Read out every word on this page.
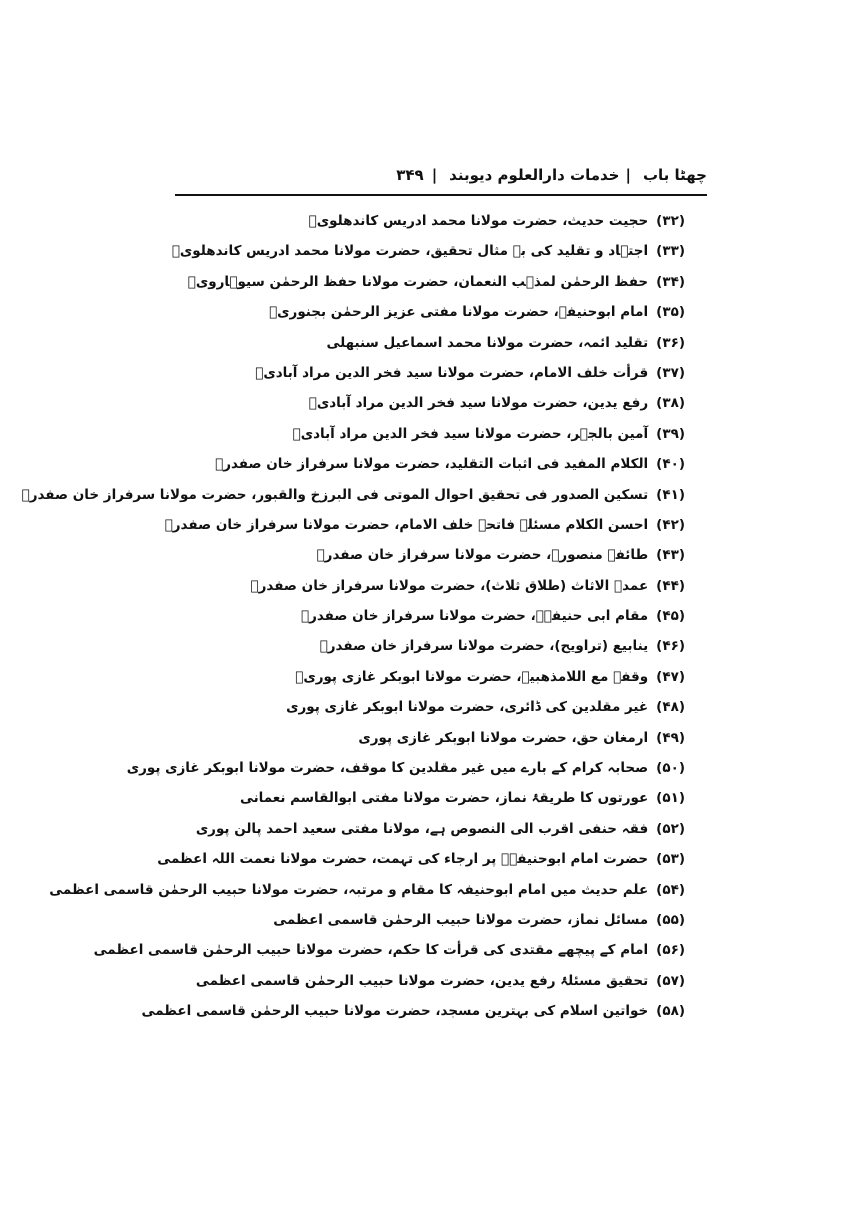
چھٹا باب
|
خدمات دارالعلوم دیوبند
|
۳۴۹
(۳۲)حجیت حدیث، حضرت مولانا محمد ادریس کاندھلویؒ
(۳۳)اجتہاد و تقلید کی بے مثال تحقیق، حضرت مولانا محمد ادریس کاندھلویؒ
(۳۴)حفظ الرحمٰن لمذہب النعمان، حضرت مولانا حفظ الرحمٰن سیوہارویؒ
(۳۵)امام ابوحنیفہ، حضرت مولانا مفتی عزیز الرحمٰن بجنوریؒ
(۳۶)تقلید ائمہ، حضرت مولانا محمد اسماعیل سنبھلی
(۳۷)قرأت خلف الامام، حضرت مولانا سید فخر الدین مراد آبادیؒ
(۳۸)رفع یدین، حضرت مولانا سید فخر الدین مراد آبادیؒ
(۳۹)آمین بالجہر، حضرت مولانا سید فخر الدین مراد آبادیؒ
(۴۰)الکلام المفید فی اثبات التقلید، حضرت مولانا سرفراز خان صفدرؒ
(۴۱)تسکین الصدور فی تحقیق احوال الموتی فی البرزخ والقبور، حضرت مولانا سرفراز خان صفدرؒ
(۴۲)احسن الکلام مسئلہ فاتحہ خلف الامام، حضرت مولانا سرفراز خان صفدرؒ
(۴۳)طائفہ منصورہ، حضرت مولانا سرفراز خان صفدرؒ
(۴۴)عمدۃ الاثاث (طلاق ثلاث)، حضرت مولانا سرفراز خان صفدرؒ
(۴۵)مقام ابی حنیفہؒ، حضرت مولانا سرفراز خان صفدرؒ
(۴۶)ینابیع (تراویح)، حضرت مولانا سرفراز خان صفدرؒ
(۴۷)وقفۃ مع اللامذھبیۃ، حضرت مولانا ابوبکر غازی پوریؒ
(۴۸)غیر مقلدین کی ڈائری، حضرت مولانا ابوبکر غازی پوری
(۴۹)ارمغان حق، حضرت مولانا ابوبکر غازی پوری
(۵۰)صحابہ کرام کے بارے میں غیر مقلدین کا موقف، حضرت مولانا ابوبکر غازی پوری
(۵۱)عورتوں کا طریقۂ نماز، حضرت مولانا مفتی ابوالقاسم نعمانی
(۵۲)فقہ حنفی اقرب الی النصوص ہے، مولانا مفتی سعید احمد پالن پوری
(۵۳)حضرت امام ابوحنیفہؒ پر ارجاء کی تہمت، حضرت مولانا نعمت اللہ اعظمی
(۵۴)علم حدیث میں امام ابوحنیفہ کا مقام و مرتبہ، حضرت مولانا حبیب الرحمٰن قاسمی اعظمی
(۵۵)مسائل نماز، حضرت مولانا حبیب الرحمٰن قاسمی اعظمی
(۵۶)امام کے پیچھے مقتدی کی قرأت کا حکم، حضرت مولانا حبیب الرحمٰن قاسمی اعظمی
(۵۷)تحقیق مسئلۂ رفع یدین، حضرت مولانا حبیب الرحمٰن قاسمی اعظمی
(۵۸)خواتین اسلام کی بہترین مسجد، حضرت مولانا حبیب الرحمٰن قاسمی اعظمی
